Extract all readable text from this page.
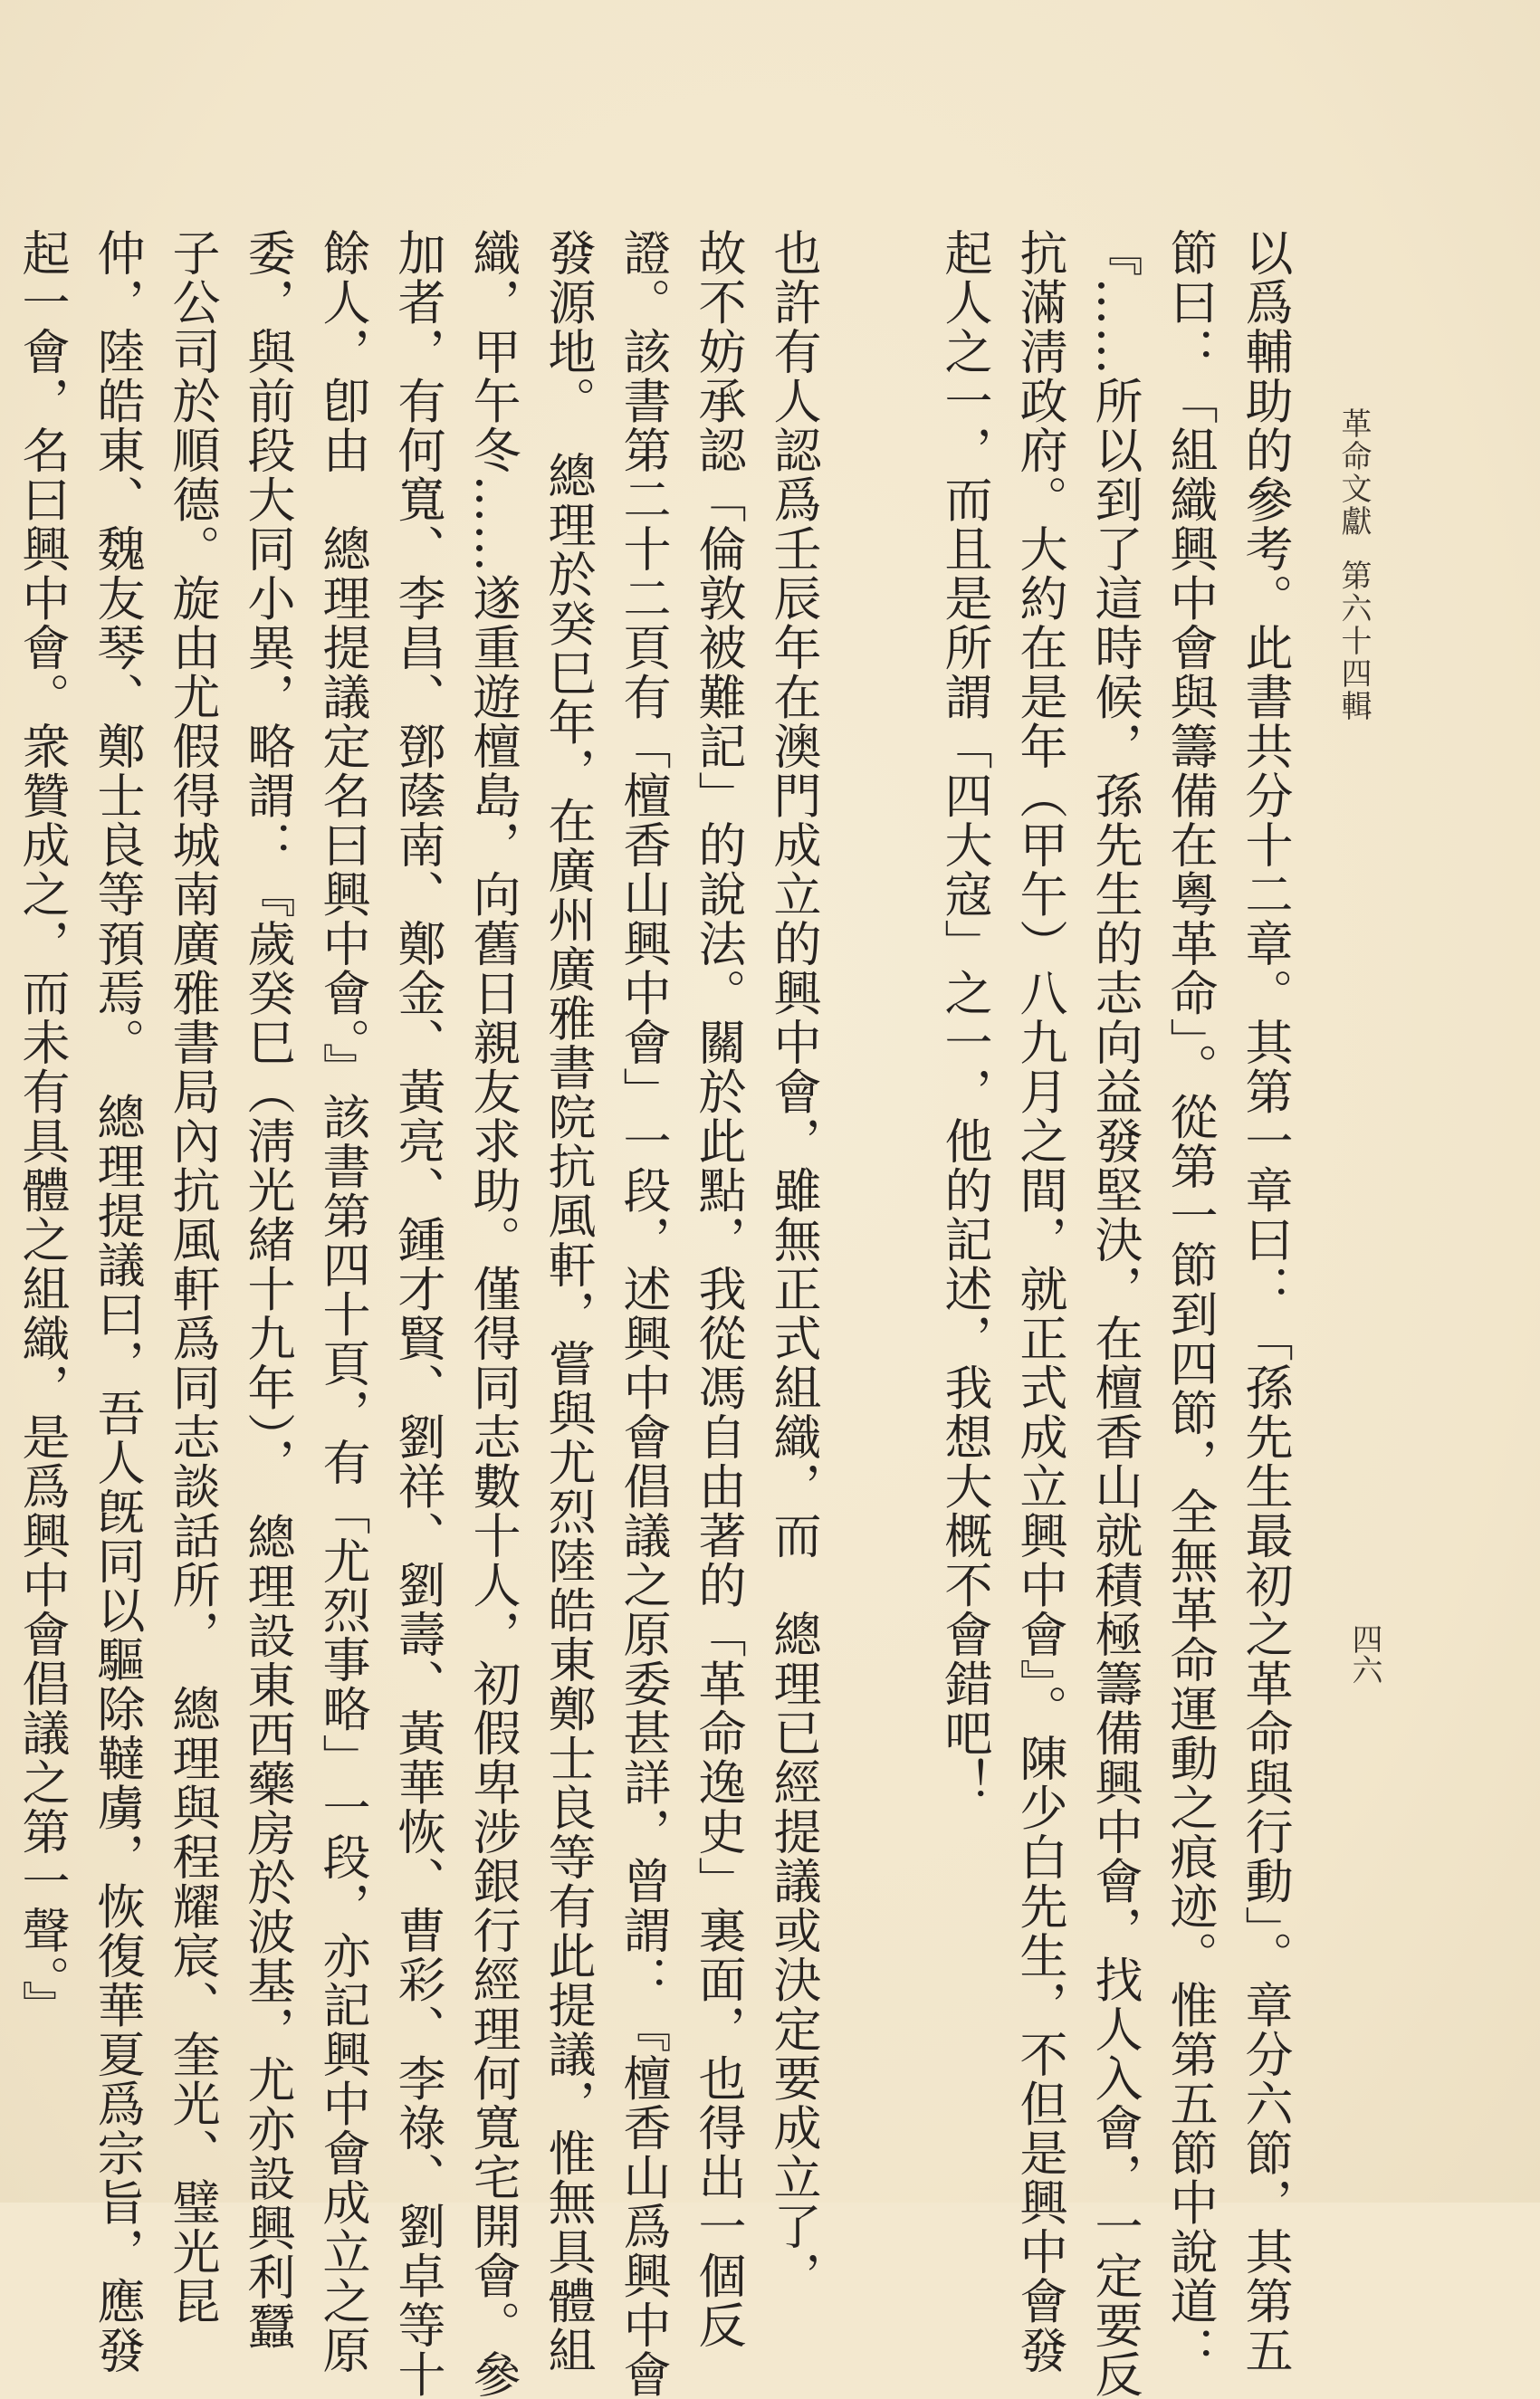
革命文獻第六十四輯
四六
以爲輔助的參考。此書共分十二章。其第一章曰：「孫先生最初之革命與行動」。章分六節，其第五
節曰：「組織興中會與籌備在粵革命」。從第一節到四節，全無革命運動之痕迹。惟第五節中說道：
『……所以到了這時候，孫先生的志向益發堅決，在檀香山就積極籌備興中會，找人入會，一定要反
抗滿淸政府。大約在是年（甲午）八九月之間，就正式成立興中會』。陳少白先生，不但是興中會發
起人之一，而且是所謂「四大寇」之一，他的記述，我想大概不會錯吧！
也許有人認爲壬辰年在澳門成立的興中會，雖無正式組織，而　總理已經提議或決定要成立了，
故不妨承認「倫敦被難記」的說法。關於此點，我從馮自由著的「革命逸史」裏面，也得出一個反
證。該書第二十二頁有「檀香山興中會」一段，述興中會倡議之原委甚詳，曾謂：『檀香山爲興中會
發源地。　總理於癸巳年，在廣州廣雅書院抗風軒，嘗與尤烈陸皓東鄭士良等有此提議，惟無具體組
織，甲午冬……遂重遊檀島，向舊日親友求助。僅得同志數十人，初假卑涉銀行經理何寬宅開會。參
加者，有何寬、李昌、鄧蔭南、鄭金、黃亮、鍾才賢、劉祥、劉壽、黃華恢、曹彩、李祿、劉卓等十
餘人，卽由　總理提議定名曰興中會。』該書第四十頁，有「尤烈事略」一段，亦記興中會成立之原
委，與前段大同小異，略謂：『歲癸巳（淸光緒十九年），　總理設東西藥房於波基，尤亦設興利蠶
子公司於順德。旋由尤假得城南廣雅書局內抗風軒爲同志談話所，　總理與程耀宸、奎光、璧光昆
仲，陸皓東、魏友琴、鄭士良等預焉。　總理提議曰，吾人旣同以驅除韃虜，恢復華夏爲宗旨，應發
起一會，名曰興中會。衆贊成之，而未有具體之組織，是爲興中會倡議之第一聲。』
